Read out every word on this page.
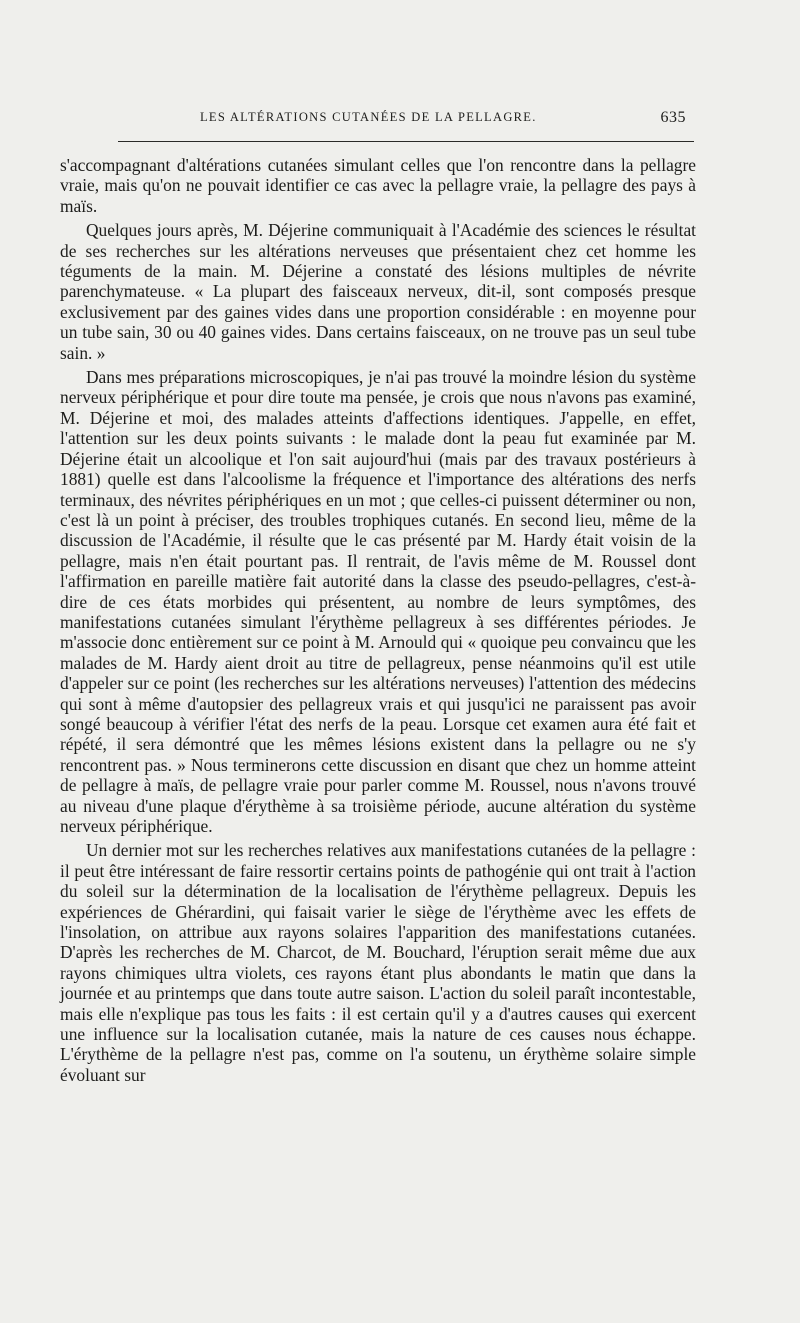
LES ALTÉRATIONS CUTANÉES DE LA PELLAGRE.	635

s'accompagnant d'altérations cutanées simulant celles que l'on rencontre dans la pellagre vraie, mais qu'on ne pouvait identifier ce cas avec la pellagre vraie, la pellagre des pays à maïs.

Quelques jours après, M. Déjerine communiquait à l'Académie des sciences le résultat de ses recherches sur les altérations nerveuses que présentaient chez cet homme les téguments de la main. M. Déjerine a constaté des lésions multiples de névrite parenchymateuse. « La plupart des faisceaux nerveux, dit-il, sont composés presque exclusivement par des gaines vides dans une proportion considérable : en moyenne pour un tube sain, 30 ou 40 gaines vides. Dans certains faisceaux, on ne trouve pas un seul tube sain. »

Dans mes préparations microscopiques, je n'ai pas trouvé la moindre lésion du système nerveux périphérique et pour dire toute ma pensée, je crois que nous n'avons pas examiné, M. Déjerine et moi, des malades atteints d'affections identiques. J'appelle, en effet, l'attention sur les deux points suivants : le malade dont la peau fut examinée par M. Déjerine était un alcoolique et l'on sait aujourd'hui (mais par des travaux postérieurs à 1881) quelle est dans l'alcoolisme la fréquence et l'importance des altérations des nerfs terminaux, des névrites périphériques en un mot ; que celles-ci puissent déterminer ou non, c'est là un point à préciser, des troubles trophiques cutanés. En second lieu, même de la discussion de l'Académie, il résulte que le cas présenté par M. Hardy était voisin de la pellagre, mais n'en était pourtant pas. Il rentrait, de l'avis même de M. Roussel dont l'affirmation en pareille matière fait autorité dans la classe des pseudo-pellagres, c'est-à-dire de ces états morbides qui présentent, au nombre de leurs symptômes, des manifestations cutanées simulant l'érythème pellagreux à ses différentes périodes. Je m'associe donc entièrement sur ce point à M. Arnould qui « quoique peu convaincu que les malades de M. Hardy aient droit au titre de pellagreux, pense néanmoins qu'il est utile d'appeler sur ce point (les recherches sur les altérations nerveuses) l'attention des médecins qui sont à même d'autopsier des pellagreux vrais et qui jusqu'ici ne paraissent pas avoir songé beaucoup à vérifier l'état des nerfs de la peau. Lorsque cet examen aura été fait et répété, il sera démontré que les mêmes lésions existent dans la pellagre ou ne s'y rencontrent pas. » Nous terminerons cette discussion en disant que chez un homme atteint de pellagre à maïs, de pellagre vraie pour parler comme M. Roussel, nous n'avons trouvé au niveau d'une plaque d'érythème à sa troisième période, aucune altération du système nerveux périphérique.

Un dernier mot sur les recherches relatives aux manifestations cutanées de la pellagre : il peut être intéressant de faire ressortir certains points de pathogénie qui ont trait à l'action du soleil sur la détermination de la localisation de l'érythème pellagreux. Depuis les expériences de Ghérardini, qui faisait varier le siège de l'érythème avec les effets de l'insolation, on attribue aux rayons solaires l'apparition des manifestations cutanées. D'après les recherches de M. Charcot, de M. Bouchard, l'éruption serait même due aux rayons chimiques ultra violets, ces rayons étant plus abondants le matin que dans la journée et au printemps que dans toute autre saison. L'action du soleil paraît incontestable, mais elle n'explique pas tous les faits : il est certain qu'il y a d'autres causes qui exercent une influence sur la localisation cutanée, mais la nature de ces causes nous échappe. L'érythème de la pellagre n'est pas, comme on l'a soutenu, un érythème solaire simple évoluant sur
